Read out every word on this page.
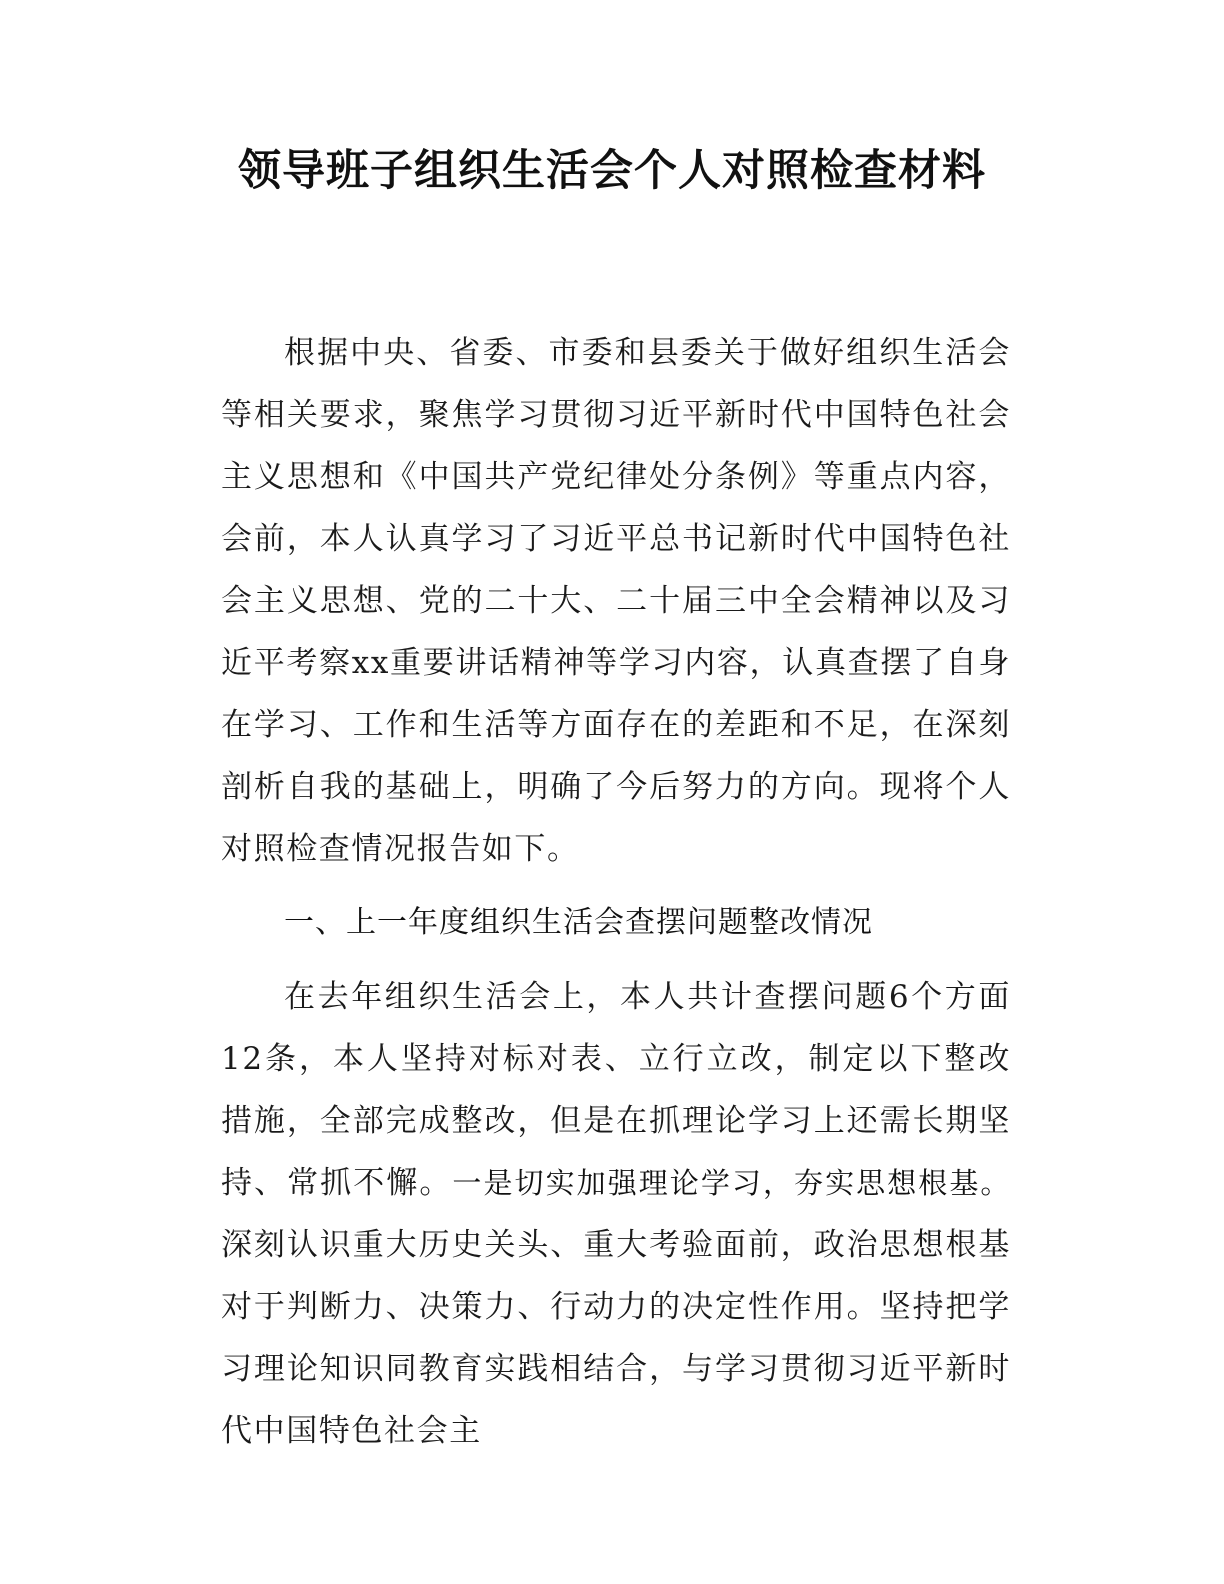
领导班子组织生活会个人对照检查材料

根据中央、省委、市委和县委关于做好组织生活会等相关要求，聚焦学习贯彻习近平新时代中国特色社会主义思想和《中国共产党纪律处分条例》等重点内容，会前，本人认真学习了习近平总书记新时代中国特色社会主义思想、党的二十大、二十届三中全会精神以及习近平考察xx重要讲话精神等学习内容，认真查摆了自身在学习、工作和生活等方面存在的差距和不足，在深刻剖析自我的基础上，明确了今后努力的方向。现将个人对照检查情况报告如下。

一、上一年度组织生活会查摆问题整改情况

在去年组织生活会上，本人共计查摆问题6个方面12条，本人坚持对标对表、立行立改，制定以下整改措施，全部完成整改，但是在抓理论学习上还需长期坚持、常抓不懈。一是切实加强理论学习，夯实思想根基。深刻认识重大历史关头、重大考验面前，政治思想根基对于判断力、决策力、行动力的决定性作用。坚持把学习理论知识同教育实践相结合，与学习贯彻习近平新时代中国特色社会主
